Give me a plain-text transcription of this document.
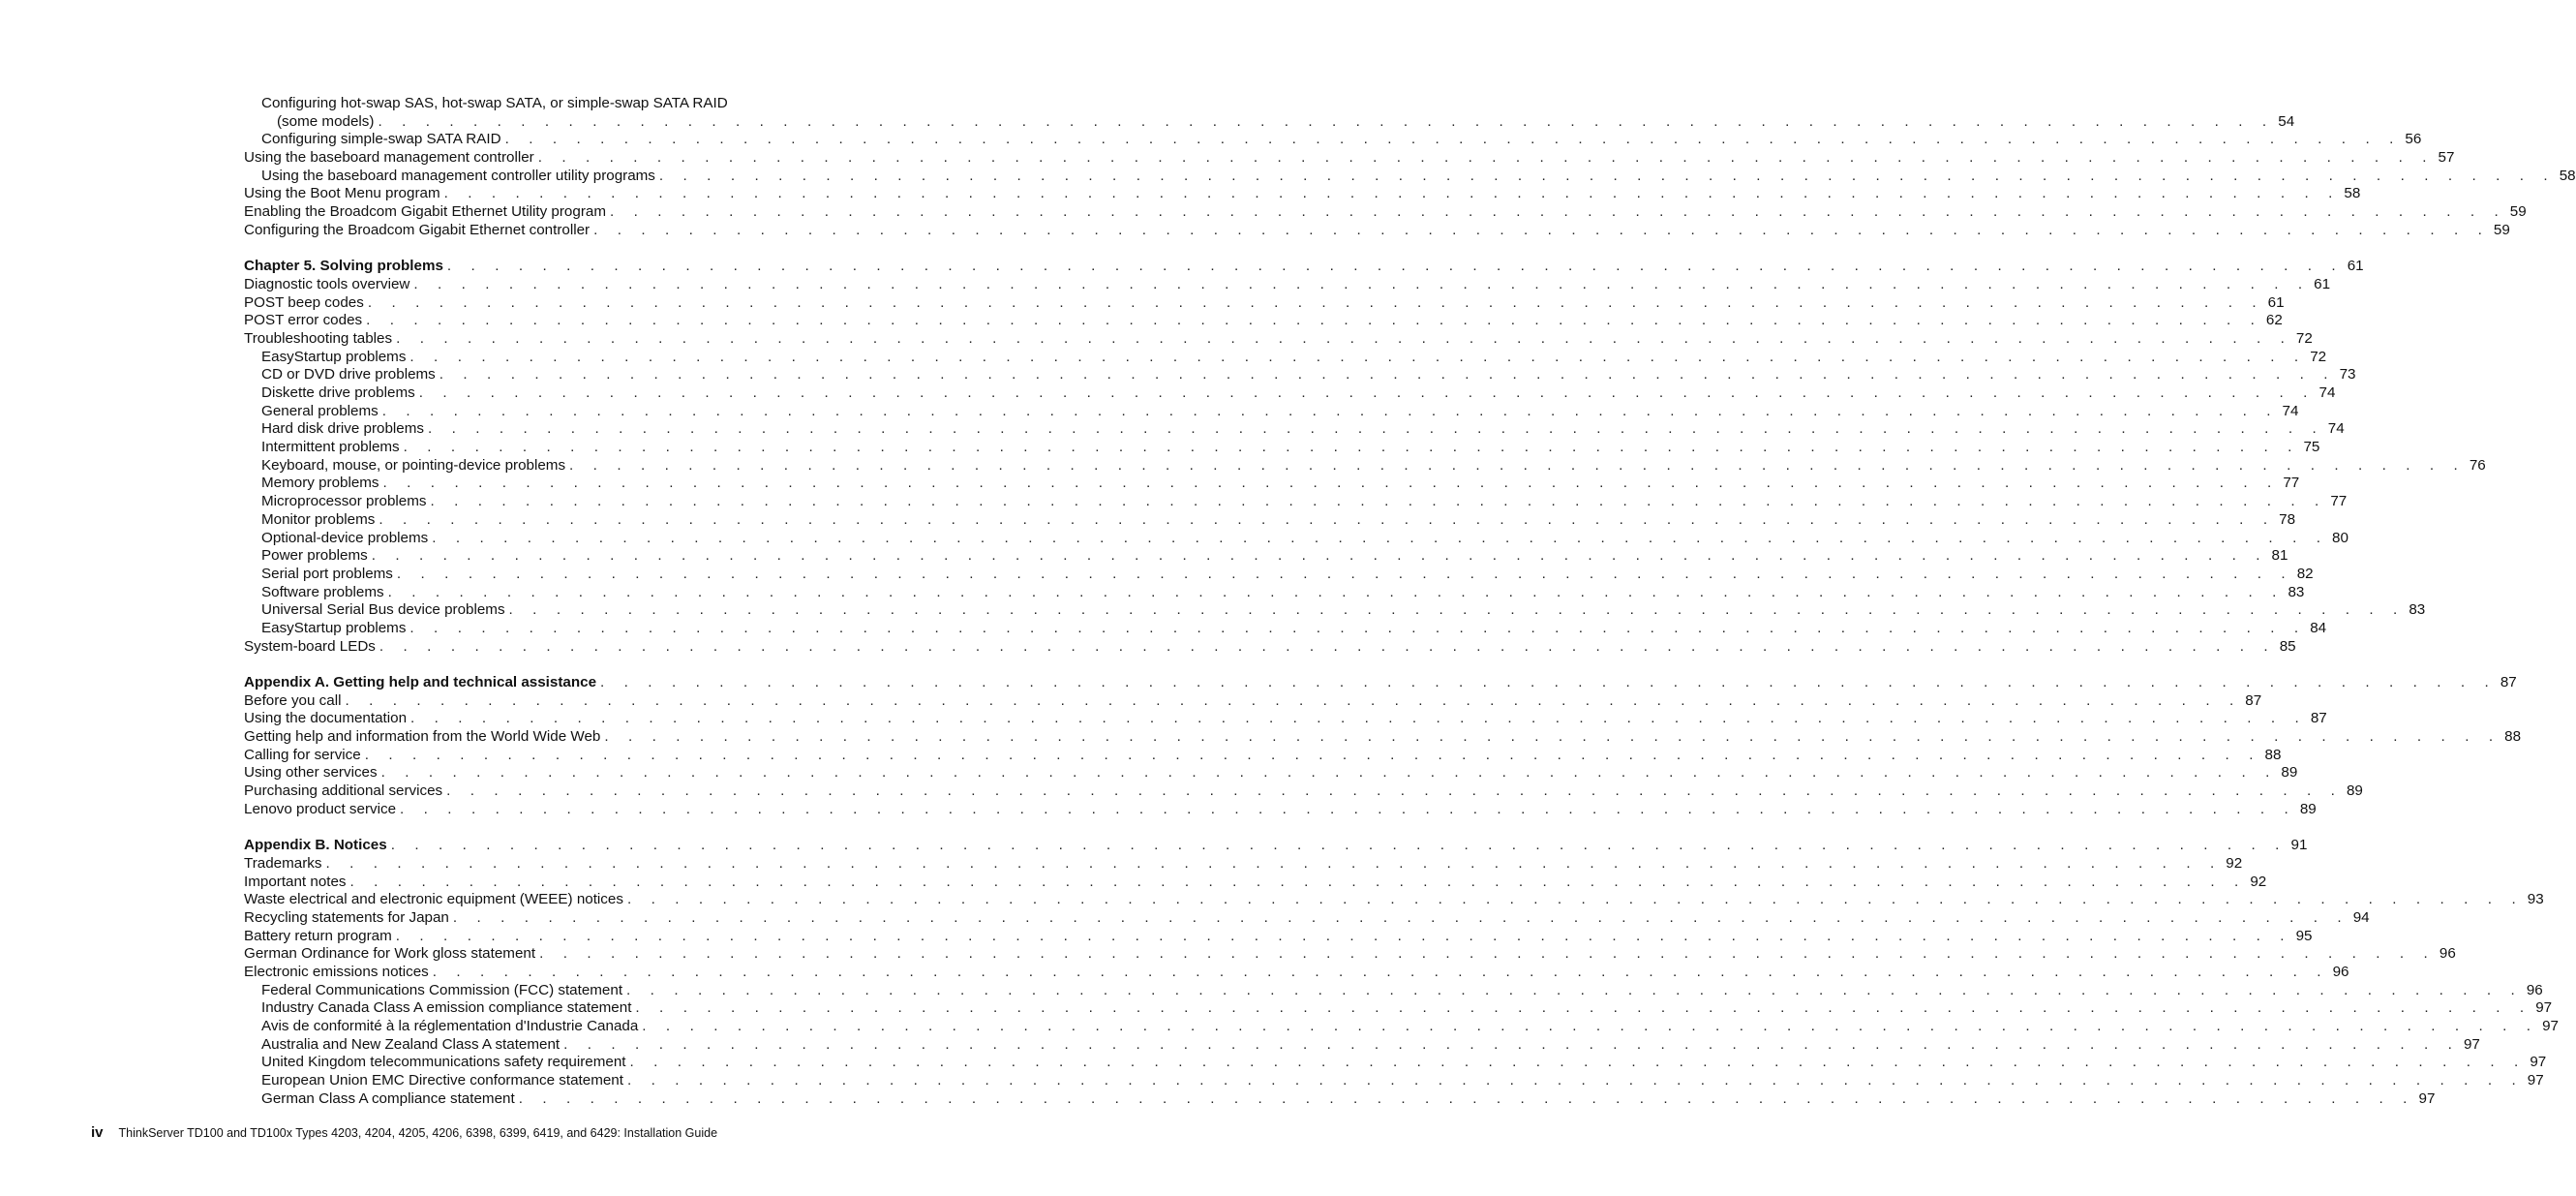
Configuring hot-swap SAS, hot-swap SATA, or simple-swap SATA RAID
(some models) . . . . . . . . . . . . . . . . . . . . . . . . . . . . . . . . . . . . . . . . . . . . . . . . . . . . . . . . . . . . . . . . . . . . . . . . . . . . . . . . 54
Configuring simple-swap SATA RAID . . . . . . . . . . . . . . . . . . . . . . . . . . . . . . . . . . . . . . . . . . . . . . . . . . . . . . . . . . . . . . . . . . . . . . . . . . . . . . . . 56
Using the baseboard management controller . . . . . . . . . . . . . . . . . . . . . . . . . . . . . . . . . . . . . . . . . . . . . . . . . . . . . . . . . . . . . . . . . . . . . . . . . . . . . . . . 57
Using the baseboard management controller utility programs . . . . . . . . . . . . . . . . . . . . . . . . . . . . . . . . . . . . . . . . . . . . . . . . . . . . . . . . . . . . . . . . . . . . . . . . . . . . . . . . 58
Using the Boot Menu program . . . . . . . . . . . . . . . . . . . . . . . . . . . . . . . . . . . . . . . . . . . . . . . . . . . . . . . . . . . . . . . . . . . . . . . . . . . . . . . . 58
Enabling the Broadcom Gigabit Ethernet Utility program . . . . . . . . . . . . . . . . . . . . . . . . . . . . . . . . . . . . . . . . . . . . . . . . . . . . . . . . . . . . . . . . . . . . . . . . . . . . . . . . 59
Configuring the Broadcom Gigabit Ethernet controller . . . . . . . . . . . . . . . . . . . . . . . . . . . . . . . . . . . . . . . . . . . . . . . . . . . . . . . . . . . . . . . . . . . . . . . . . . . . . . . . 59
Chapter 5. Solving problems . . . . . . . . . . . . . . . . . . . . . . . . . . . . . . . . . . . . . . . . . . . . . . . . . . . . . . . . . . . . . . . . . . . . . . . . . . . . . . . . 61
Diagnostic tools overview . . . . . . . . . . . . . . . . . . . . . . . . . . . . . . . . . . . . . . . . . . . . . . . . . . . . . . . . . . . . . . . . . . . . . . . . . . . . . . . . 61
POST beep codes . . . . . . . . . . . . . . . . . . . . . . . . . . . . . . . . . . . . . . . . . . . . . . . . . . . . . . . . . . . . . . . . . . . . . . . . . . . . . . . . 61
POST error codes . . . . . . . . . . . . . . . . . . . . . . . . . . . . . . . . . . . . . . . . . . . . . . . . . . . . . . . . . . . . . . . . . . . . . . . . . . . . . . . . 62
Troubleshooting tables . . . . . . . . . . . . . . . . . . . . . . . . . . . . . . . . . . . . . . . . . . . . . . . . . . . . . . . . . . . . . . . . . . . . . . . . . . . . . . . . 72
EasyStartup problems . . . . . . . . . . . . . . . . . . . . . . . . . . . . . . . . . . . . . . . . . . . . . . . . . . . . . . . . . . . . . . . . . . . . . . . . . . . . . . . . 72
CD or DVD drive problems . . . . . . . . . . . . . . . . . . . . . . . . . . . . . . . . . . . . . . . . . . . . . . . . . . . . . . . . . . . . . . . . . . . . . . . . . . . . . . . . 73
Diskette drive problems . . . . . . . . . . . . . . . . . . . . . . . . . . . . . . . . . . . . . . . . . . . . . . . . . . . . . . . . . . . . . . . . . . . . . . . . . . . . . . . . 74
General problems . . . . . . . . . . . . . . . . . . . . . . . . . . . . . . . . . . . . . . . . . . . . . . . . . . . . . . . . . . . . . . . . . . . . . . . . . . . . . . . . 74
Hard disk drive problems . . . . . . . . . . . . . . . . . . . . . . . . . . . . . . . . . . . . . . . . . . . . . . . . . . . . . . . . . . . . . . . . . . . . . . . . . . . . . . . . 74
Intermittent problems . . . . . . . . . . . . . . . . . . . . . . . . . . . . . . . . . . . . . . . . . . . . . . . . . . . . . . . . . . . . . . . . . . . . . . . . . . . . . . . . 75
Keyboard, mouse, or pointing-device problems . . . . . . . . . . . . . . . . . . . . . . . . . . . . . . . . . . . . . . . . . . . . . . . . . . . . . . . . . . . . . . . . . . . . . . . . . . . . . . . . 76
Memory problems . . . . . . . . . . . . . . . . . . . . . . . . . . . . . . . . . . . . . . . . . . . . . . . . . . . . . . . . . . . . . . . . . . . . . . . . . . . . . . . . 77
Microprocessor problems . . . . . . . . . . . . . . . . . . . . . . . . . . . . . . . . . . . . . . . . . . . . . . . . . . . . . . . . . . . . . . . . . . . . . . . . . . . . . . . . 77
Monitor problems . . . . . . . . . . . . . . . . . . . . . . . . . . . . . . . . . . . . . . . . . . . . . . . . . . . . . . . . . . . . . . . . . . . . . . . . . . . . . . . . 78
Optional-device problems . . . . . . . . . . . . . . . . . . . . . . . . . . . . . . . . . . . . . . . . . . . . . . . . . . . . . . . . . . . . . . . . . . . . . . . . . . . . . . . . 80
Power problems . . . . . . . . . . . . . . . . . . . . . . . . . . . . . . . . . . . . . . . . . . . . . . . . . . . . . . . . . . . . . . . . . . . . . . . . . . . . . . . . 81
Serial port problems . . . . . . . . . . . . . . . . . . . . . . . . . . . . . . . . . . . . . . . . . . . . . . . . . . . . . . . . . . . . . . . . . . . . . . . . . . . . . . . . 82
Software problems . . . . . . . . . . . . . . . . . . . . . . . . . . . . . . . . . . . . . . . . . . . . . . . . . . . . . . . . . . . . . . . . . . . . . . . . . . . . . . . . 83
Universal Serial Bus device problems . . . . . . . . . . . . . . . . . . . . . . . . . . . . . . . . . . . . . . . . . . . . . . . . . . . . . . . . . . . . . . . . . . . . . . . . . . . . . . . . 83
EasyStartup problems . . . . . . . . . . . . . . . . . . . . . . . . . . . . . . . . . . . . . . . . . . . . . . . . . . . . . . . . . . . . . . . . . . . . . . . . . . . . . . . . 84
System-board LEDs . . . . . . . . . . . . . . . . . . . . . . . . . . . . . . . . . . . . . . . . . . . . . . . . . . . . . . . . . . . . . . . . . . . . . . . . . . . . . . . . 85
Appendix A. Getting help and technical assistance . . . . . . . . . . . . . . . . . . . . . . . . . . . . . . . . . . . . . . . . . . . . . . . . . . . . . . . . . . . . . . . . . . . . . . . . . . . . . . . . 87
Before you call . . . . . . . . . . . . . . . . . . . . . . . . . . . . . . . . . . . . . . . . . . . . . . . . . . . . . . . . . . . . . . . . . . . . . . . . . . . . . . . . 87
Using the documentation . . . . . . . . . . . . . . . . . . . . . . . . . . . . . . . . . . . . . . . . . . . . . . . . . . . . . . . . . . . . . . . . . . . . . . . . . . . . . . . . 87
Getting help and information from the World Wide Web . . . . . . . . . . . . . . . . . . . . . . . . . . . . . . . . . . . . . . . . . . . . . . . . . . . . . . . . . . . . . . . . . . . . . . . . . . . . . . . . 88
Calling for service . . . . . . . . . . . . . . . . . . . . . . . . . . . . . . . . . . . . . . . . . . . . . . . . . . . . . . . . . . . . . . . . . . . . . . . . . . . . . . . . 88
Using other services . . . . . . . . . . . . . . . . . . . . . . . . . . . . . . . . . . . . . . . . . . . . . . . . . . . . . . . . . . . . . . . . . . . . . . . . . . . . . . . . 89
Purchasing additional services . . . . . . . . . . . . . . . . . . . . . . . . . . . . . . . . . . . . . . . . . . . . . . . . . . . . . . . . . . . . . . . . . . . . . . . . . . . . . . . . 89
Lenovo product service . . . . . . . . . . . . . . . . . . . . . . . . . . . . . . . . . . . . . . . . . . . . . . . . . . . . . . . . . . . . . . . . . . . . . . . . . . . . . . . . 89
Appendix B. Notices . . . . . . . . . . . . . . . . . . . . . . . . . . . . . . . . . . . . . . . . . . . . . . . . . . . . . . . . . . . . . . . . . . . . . . . . . . . . . . . . 91
Trademarks . . . . . . . . . . . . . . . . . . . . . . . . . . . . . . . . . . . . . . . . . . . . . . . . . . . . . . . . . . . . . . . . . . . . . . . . . . . . . . . . 92
Important notes . . . . . . . . . . . . . . . . . . . . . . . . . . . . . . . . . . . . . . . . . . . . . . . . . . . . . . . . . . . . . . . . . . . . . . . . . . . . . . . . 92
Waste electrical and electronic equipment (WEEE) notices . . . . . . . . . . . . . . . . . . . . . . . . . . . . . . . . . . . . . . . . . . . . . . . . . . . . . . . . . . . . . . . . . . . . . . . . . . . . . . . . 93
Recycling statements for Japan . . . . . . . . . . . . . . . . . . . . . . . . . . . . . . . . . . . . . . . . . . . . . . . . . . . . . . . . . . . . . . . . . . . . . . . . . . . . . . . . 94
Battery return program . . . . . . . . . . . . . . . . . . . . . . . . . . . . . . . . . . . . . . . . . . . . . . . . . . . . . . . . . . . . . . . . . . . . . . . . . . . . . . . . 95
German Ordinance for Work gloss statement . . . . . . . . . . . . . . . . . . . . . . . . . . . . . . . . . . . . . . . . . . . . . . . . . . . . . . . . . . . . . . . . . . . . . . . . . . . . . . . . 96
Electronic emissions notices . . . . . . . . . . . . . . . . . . . . . . . . . . . . . . . . . . . . . . . . . . . . . . . . . . . . . . . . . . . . . . . . . . . . . . . . . . . . . . . . 96
Federal Communications Commission (FCC) statement . . . . . . . . . . . . . . . . . . . . . . . . . . . . . . . . . . . . . . . . . . . . . . . . . . . . . . . . . . . . . . . . . . . . . . . . . . . . . . . . 96
Industry Canada Class A emission compliance statement . . . . . . . . . . . . . . . . . . . . . . . . . . . . . . . . . . . . . . . . . . . . . . . . . . . . . . . . . . . . . . . . . . . . . . . . . . . . . . . . 97
Avis de conformité à la réglementation d'Industrie Canada . . . . . . . . . . . . . . . . . . . . . . . . . . . . . . . . . . . . . . . . . . . . . . . . . . . . . . . . . . . . . . . . . . . . . . . . . . . . . . . . 97
Australia and New Zealand Class A statement . . . . . . . . . . . . . . . . . . . . . . . . . . . . . . . . . . . . . . . . . . . . . . . . . . . . . . . . . . . . . . . . . . . . . . . . . . . . . . . . 97
United Kingdom telecommunications safety requirement . . . . . . . . . . . . . . . . . . . . . . . . . . . . . . . . . . . . . . . . . . . . . . . . . . . . . . . . . . . . . . . . . . . . . . . . . . . . . . . . 97
European Union EMC Directive conformance statement . . . . . . . . . . . . . . . . . . . . . . . . . . . . . . . . . . . . . . . . . . . . . . . . . . . . . . . . . . . . . . . . . . . . . . . . . . . . . . . . 97
German Class A compliance statement . . . . . . . . . . . . . . . . . . . . . . . . . . . . . . . . . . . . . . . . . . . . . . . . . . . . . . . . . . . . . . . . . . . . . . . . . . . . . . . . 97
iv ThinkServer TD100 and TD100x Types 4203, 4204, 4205, 4206, 6398, 6399, 6419, and 6429: Installation Guide
